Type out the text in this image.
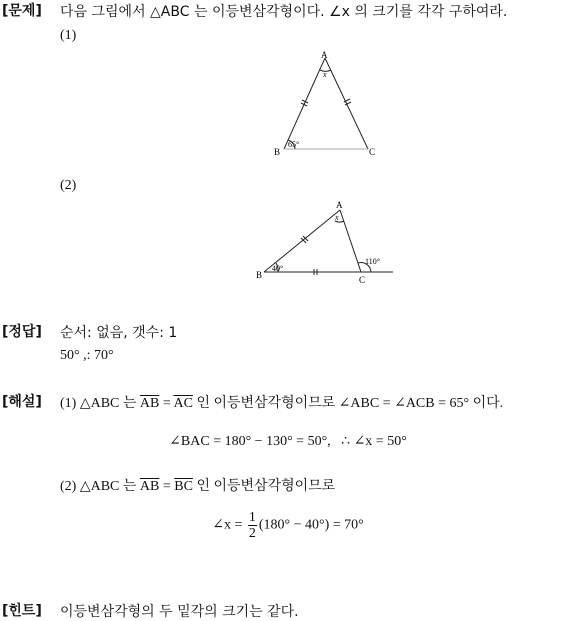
[문제] 다음 그림에서 △ABC 는 이등변삼각형이다. ∠x 의 크기를 각각 구하여라.
(1)
A
x
B
65°
C
(2)
A
x
B
40°
C
110°
[정답] 순서: 없음, 갯수: 1
50° ,: 70°
[해설] (1) △ABC 는 $\overline{AB} = \overline{AC}$ 인 이등변삼각형이므로 ∠ABC = ∠ACB = 65° 이다.
∠BAC = 180° − 130° = 50°,   ∴ ∠x = 50°
(2) △ABC 는 $\overline{AB} = \overline{BC}$ 인 이등변삼각형이므로
∠x = $\frac{1}{2} (180^\circ - 40^\circ) = 70^\circ$
[힌트] 이등변삼각형의 두 밑각의 크기는 같다.
